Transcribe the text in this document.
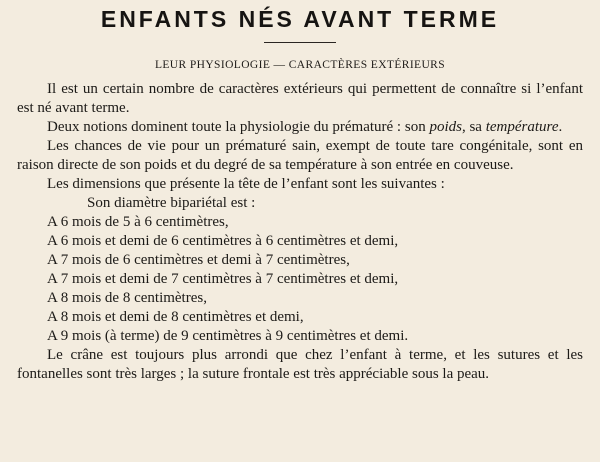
ENFANTS NÉS AVANT TERME
LEUR PHYSIOLOGIE — CARACTÈRES EXTÉRIEURS

Il est un certain nombre de caractères extérieurs qui permettent de connaître si l’enfant est né avant terme.

Deux notions dominent toute la physiologie du prématuré : son poids, sa température.

Les chances de vie pour un prématuré sain, exempt de toute tare congénitale, sont en raison directe de son poids et du degré de sa température à son entrée en couveuse.

Les dimensions que présente la tête de l’enfant sont les suivantes :

Son diamètre bipariétal est :
A 6 mois de 5 à 6 centimètres,
A 6 mois et demi de 6 centimètres à 6 centimètres et demi,
A 7 mois de 6 centimètres et demi à 7 centimètres,
A 7 mois et demi de 7 centimètres à 7 centimètres et demi,
A 8 mois de 8 centimètres,
A 8 mois et demi de 8 centimètres et demi,
A 9 mois (à terme) de 9 centimètres à 9 centimètres et demi.

Le crâne est toujours plus arrondi que chez l’enfant à terme, et les sutures et les fontanelles sont très larges ; la suture frontale est très appréciable sous la peau.
